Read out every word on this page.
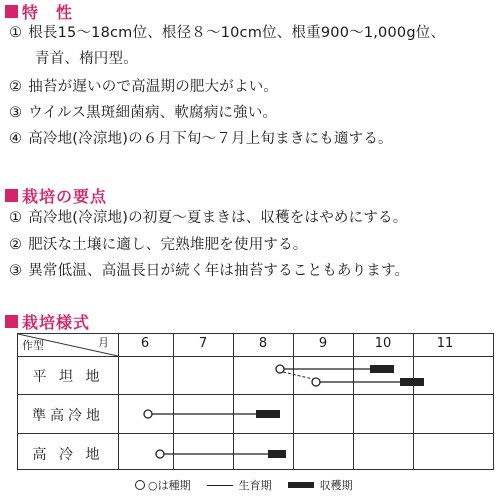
特　性
① 根長15～18cm位、根径８～10cm位、根重900～1,000g位、
青首、楕円型。
② 抽苔が遅いので高温期の肥大がよい。
③ ウイルス黒斑細菌病、軟腐病に強い。
④ 高冷地(冷涼地)の６月下旬～７月上旬まきにも適する。
栽培の要点
① 高冷地(冷涼地)の初夏～夏まきは、収穫をはやめにする。
② 肥沃な土壌に適し、完熟堆肥を使用する。
③ 異常低温、高温長日が続く年は抽苔することもあります。
栽培様式
作型	月 6	7	8	9	10	11
平 坦 地
準高冷地
高 冷 地
○は種期	生育期	収穫期
